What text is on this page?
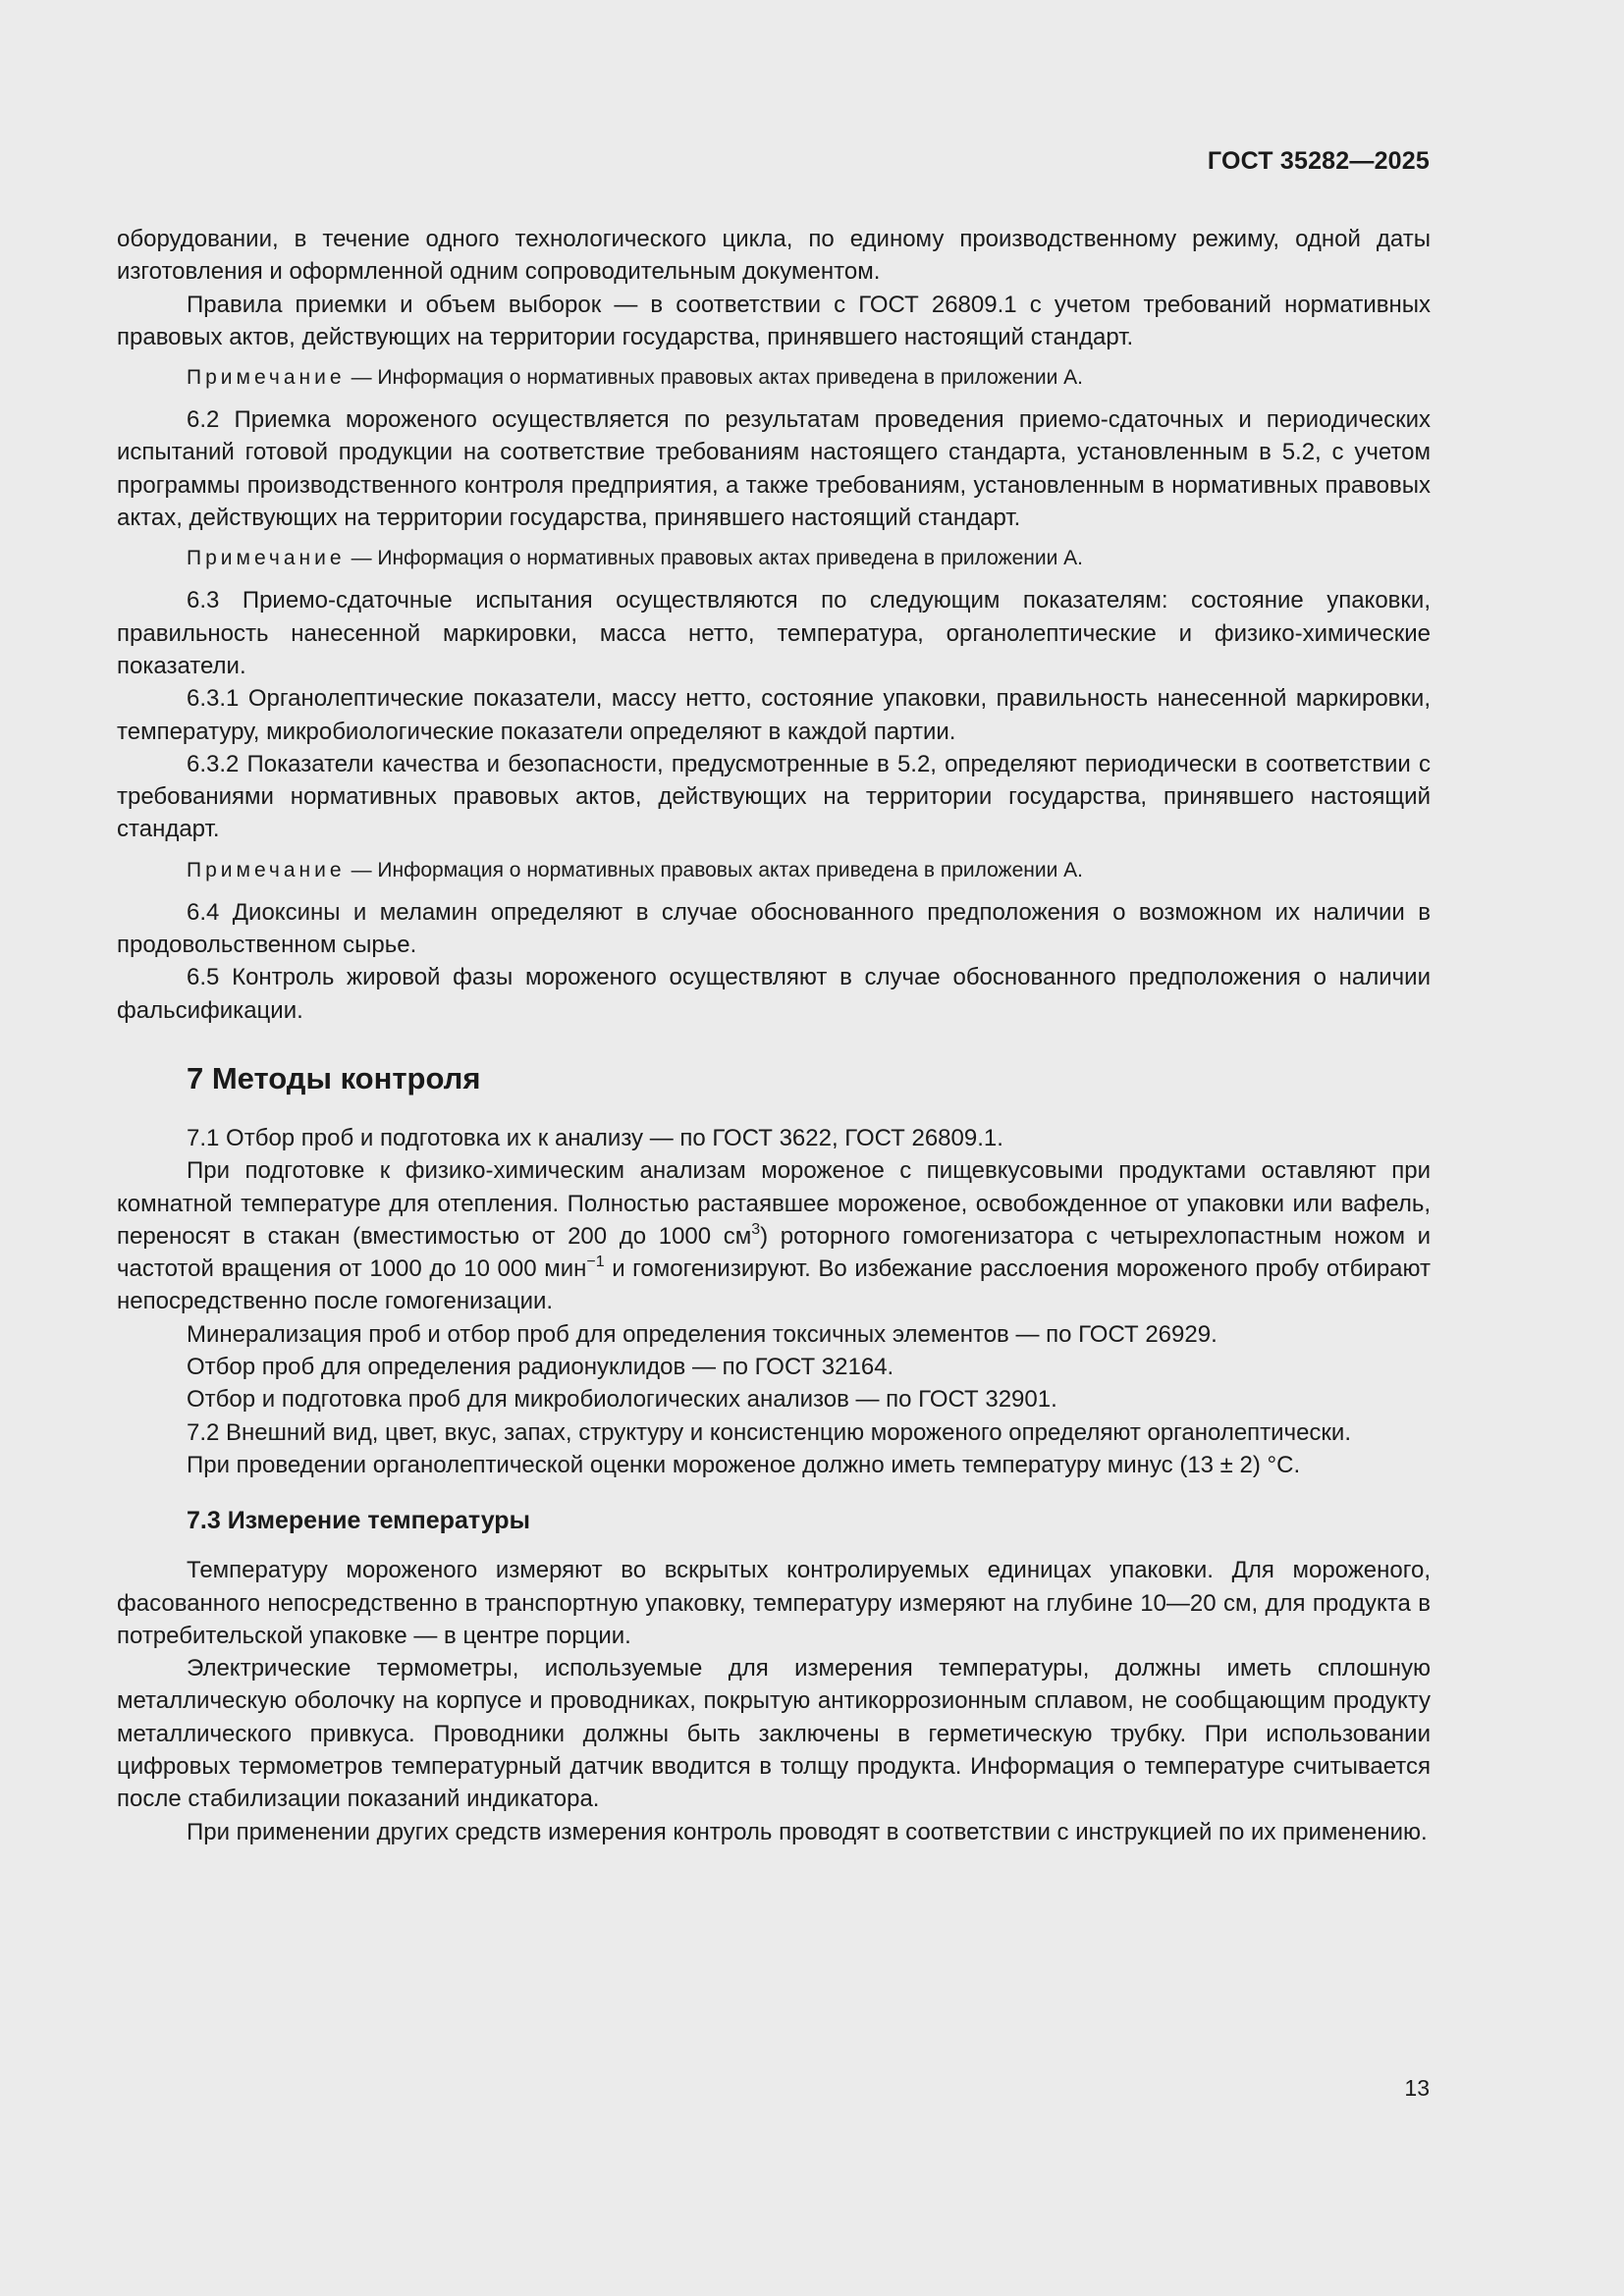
ГОСТ 35282—2025

оборудовании, в течение одного технологического цикла, по единому производственному режиму, одной даты изготовления и оформленной одним сопроводительным документом.

Правила приемки и объем выборок — в соответствии с ГОСТ 26809.1 с учетом требований нормативных правовых актов, действующих на территории государства, принявшего настоящий стандарт.

Примечание — Информация о нормативных правовых актах приведена в приложении А.

6.2 Приемка мороженого осуществляется по результатам проведения приемо-сдаточных и периодических испытаний готовой продукции на соответствие требованиям настоящего стандарта, установленным в 5.2, с учетом программы производственного контроля предприятия, а также требованиям, установленным в нормативных правовых актах, действующих на территории государства, принявшего настоящий стандарт.

Примечание — Информация о нормативных правовых актах приведена в приложении А.

6.3 Приемо-сдаточные испытания осуществляются по следующим показателям: состояние упаковки, правильность нанесенной маркировки, масса нетто, температура, органолептические и физико-химические показатели.

6.3.1 Органолептические показатели, массу нетто, состояние упаковки, правильность нанесенной маркировки, температуру, микробиологические показатели определяют в каждой партии.

6.3.2 Показатели качества и безопасности, предусмотренные в 5.2, определяют периодически в соответствии с требованиями нормативных правовых актов, действующих на территории государства, принявшего настоящий стандарт.

Примечание — Информация о нормативных правовых актах приведена в приложении А.

6.4 Диоксины и меламин определяют в случае обоснованного предположения о возможном их наличии в продовольственном сырье.

6.5 Контроль жировой фазы мороженого осуществляют в случае обоснованного предположения о наличии фальсификации.

7 Методы контроля

7.1 Отбор проб и подготовка их к анализу — по ГОСТ 3622, ГОСТ 26809.1.

При подготовке к физико-химическим анализам мороженое с пищевкусовыми продуктами оставляют при комнатной температуре для отепления. Полностью растаявшее мороженое, освобожденное от упаковки или вафель, переносят в стакан (вместимостью от 200 до 1000 $см^3$) роторного гомогенизатора с четырехлопастным ножом и частотой вращения от 1000 до 10 000 мин$^{-1}$ и гомогенизируют. Во избежание расслоения мороженого пробу отбирают непосредственно после гомогенизации.

Минерализация проб и отбор проб для определения токсичных элементов — по ГОСТ 26929.

Отбор проб для определения радионуклидов — по ГОСТ 32164.

Отбор и подготовка проб для микробиологических анализов — по ГОСТ 32901.

7.2 Внешний вид, цвет, вкус, запах, структуру и консистенцию мороженого определяют органолептически.

При проведении органолептической оценки мороженое должно иметь температуру минус (13 ± 2) °С.

7.3 Измерение температуры

Температуру мороженого измеряют во вскрытых контролируемых единицах упаковки. Для мороженого, фасованного непосредственно в транспортную упаковку, температуру измеряют на глубине 10—20 см, для продукта в потребительской упаковке — в центре порции.

Электрические термометры, используемые для измерения температуры, должны иметь сплошную металлическую оболочку на корпусе и проводниках, покрытую антикоррозионным сплавом, не сообщающим продукту металлического привкуса. Проводники должны быть заключены в герметическую трубку. При использовании цифровых термометров температурный датчик вводится в толщу продукта. Информация о температуре считывается после стабилизации показаний индикатора.

При применении других средств измерения контроль проводят в соответствии с инструкцией по их применению.

13
